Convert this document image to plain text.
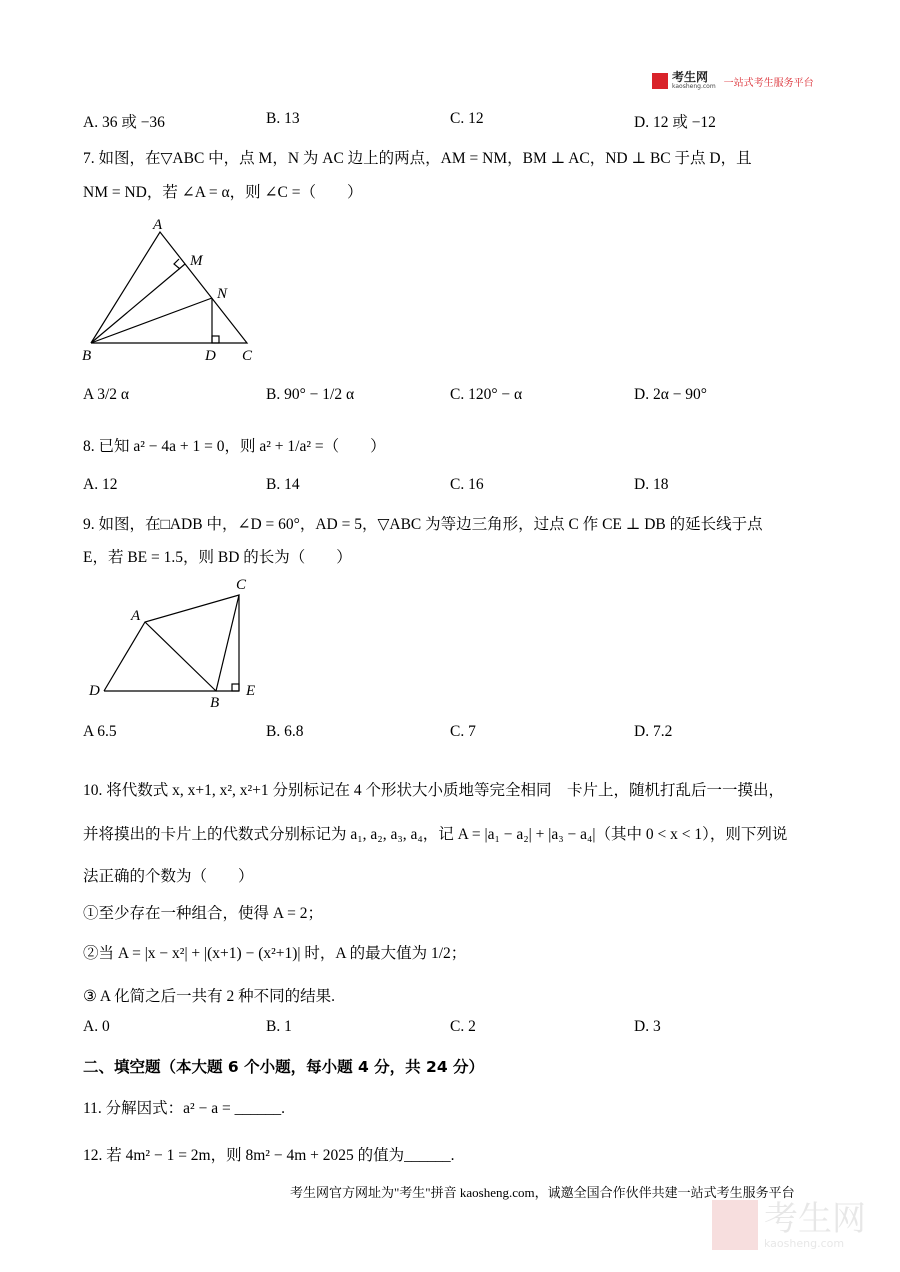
考生网
kaosheng.com 一站式考生服务平台
A. 36 或 −36	B. 13	C. 12	D. 12 或 −12
7. 如图，在▽ABC 中，点 M，N 为 AC 边上的两点，AM = NM，BM ⊥ AC，ND ⊥ BC 于点 D，且
NM = ND，若 ∠A = α，则 ∠C =（　　）
A
M
N
B	D C
A 3/2 α	B. 90° − 1/2 α	C. 120° − α	D. 2α − 90°
8. 已知 a² − 4a + 1 = 0，则 a² + 1/a² =（　　）
A. 12	B. 14	C. 16	D. 18
9. 如图，在□ADB 中，∠D = 60°，AD = 5，▽ABC 为等边三角形，过点 C 作 CE ⊥ DB 的延长线于点
E，若 BE = 1.5，则 BD 的长为（　　）
C
A
D
B
E
A 6.5	B. 6.8	C. 7	D. 7.2
10. 将代数式 x, x+1, x², x²+1 分别标记在 4 个形状大小质地等完全相同　卡片上，随机打乱后一一摸出，
并将摸出的卡片上的代数式分别标记为 a₁, a₂, a₃, a₄，记 A = |a₁ − a₂| + |a₃ − a₄|（其中 0 < x < 1），则下列说
法正确的个数为（　　）
①至少存在一种组合，使得 A = 2；
②当 A = |x − x²| + |(x+1) − (x²+1)| 时，A 的最大值为 1/2；
③ A 化简之后一共有 2 种不同的结果.
A. 0	B. 1	C. 2	D. 3
二、填空题（本大题 6 个小题，每小题 4 分，共 24 分）
11. 分解因式：a² − a = ______.
12. 若 4m² − 1 = 2m，则 8m² − 4m + 2025 的值为______.
考生网官方网址为"考生"拼音 kaosheng.com，诚邀全国合作伙伴共建一站式考生服务平台
考生网
kaosheng.com
